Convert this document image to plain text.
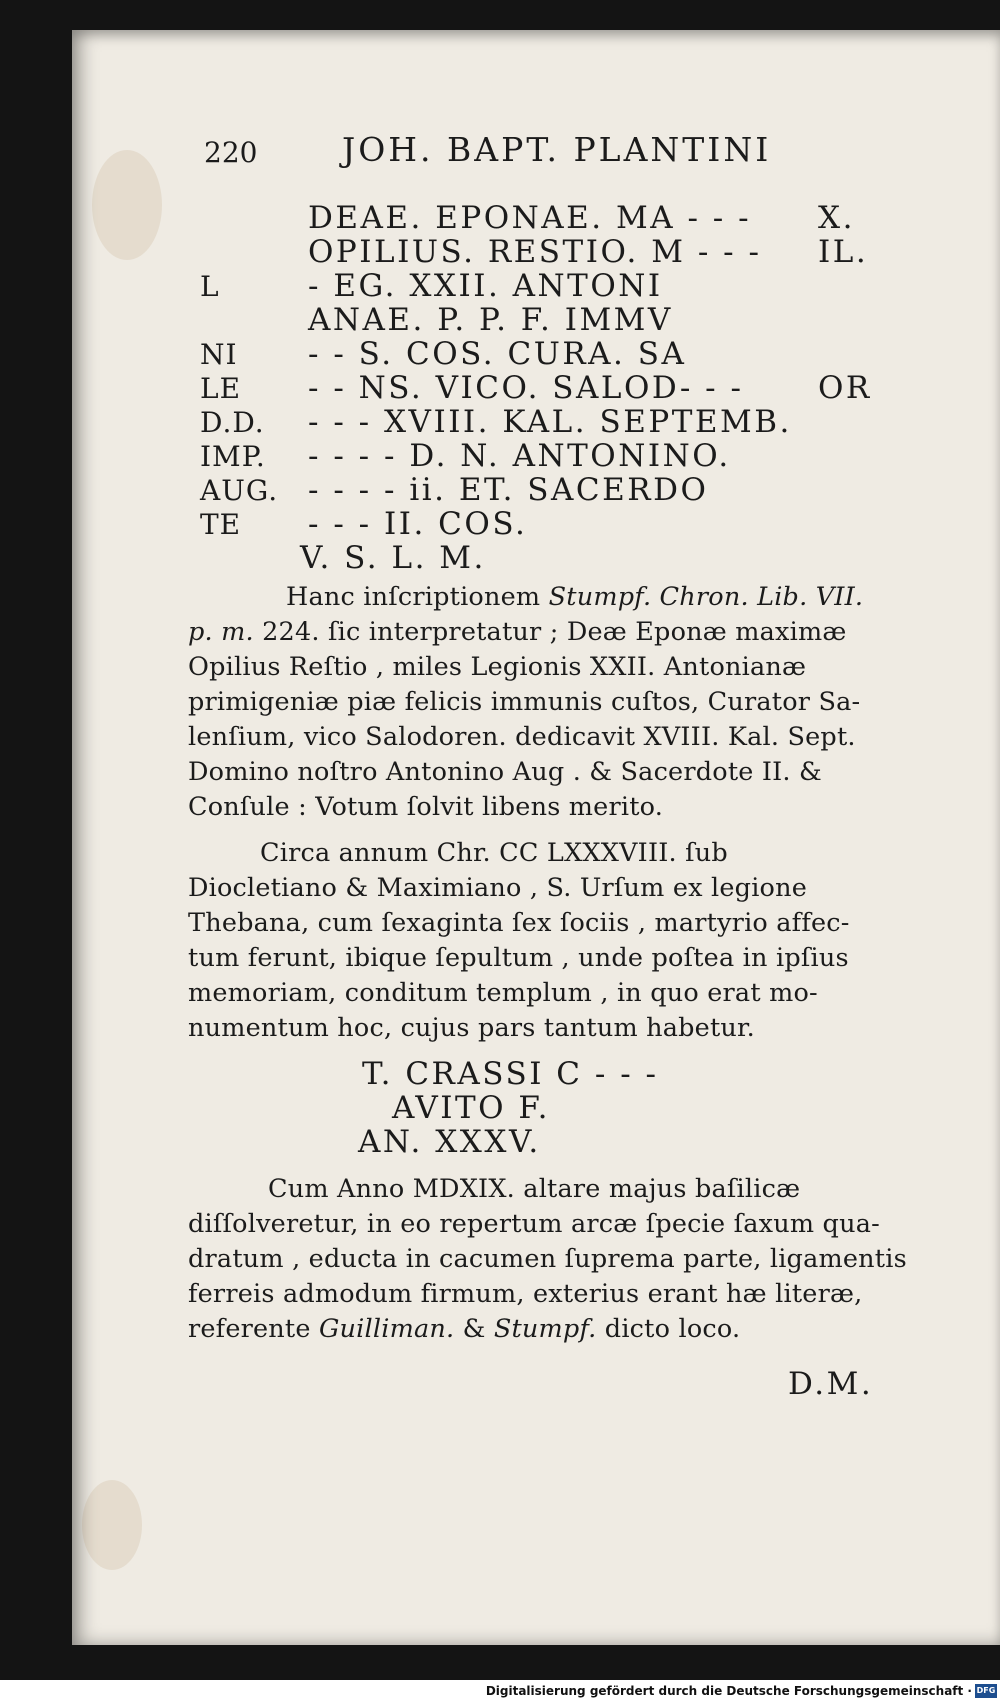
220	JOH. BAPT. PLANTINI
DEAE. EPONAE. MA - - - X.
OPILIUS. RESTIO. M - - - IL.
L	- EG. XXII. ANTONI
ANAE. P. P. F. IMMV
NI - - S. COS. CURA. SA
LE - - NS. VICO. SALOD- - - OR
D.D. - - - XVIII. KAL. SEPTEMB.
IMP. - - - - D. N. ANTONINO.
AUG. - - - - ii. ET. SACERDO
TE - - - II. COS.
V. S. L. M.
Hanc inſcriptionem Stumpf. Chron. Lib. VII.
p. m. 224. ſic interpretatur ; Deæ Eponæ maximæ
Opilius Reſtio , miles Legionis XXII. Antonianæ
primigeniæ piæ felicis immunis cuſtos, Curator Sa-
lenſium, vico Salodoren. dedicavit XVIII. Kal. Sept.
Domino noſtro Antonino Aug . & Sacerdote II. &
Conſule : Votum ſolvit libens merito.
Circa annum Chr. CC LXXXVIII. ſub
Diocletiano & Maximiano , S. Urſum ex legione
Thebana, cum ſexaginta ſex ſociis , martyrio affec-
tum ferunt, ibique ſepultum , unde poſtea in ipſius
memoriam, conditum templum , in quo erat mo-
numentum hoc, cujus pars tantum habetur.
T. CRASSI C - - -
AVITO F.
AN. XXXV.
Cum Anno MDXIX. altare majus baſilicæ
diſſolveretur, in eo repertum arcæ ſpecie ſaxum qua-
dratum , educta in cacumen ſuprema parte, ligamentis
ferreis admodum firmum, exterius erant hæ literæ,
referente Guilliman. & Stumpf. dicto loco.
D.M.
Digitalisierung gefördert durch die Deutsche Forschungsgemeinschaft · DFG
